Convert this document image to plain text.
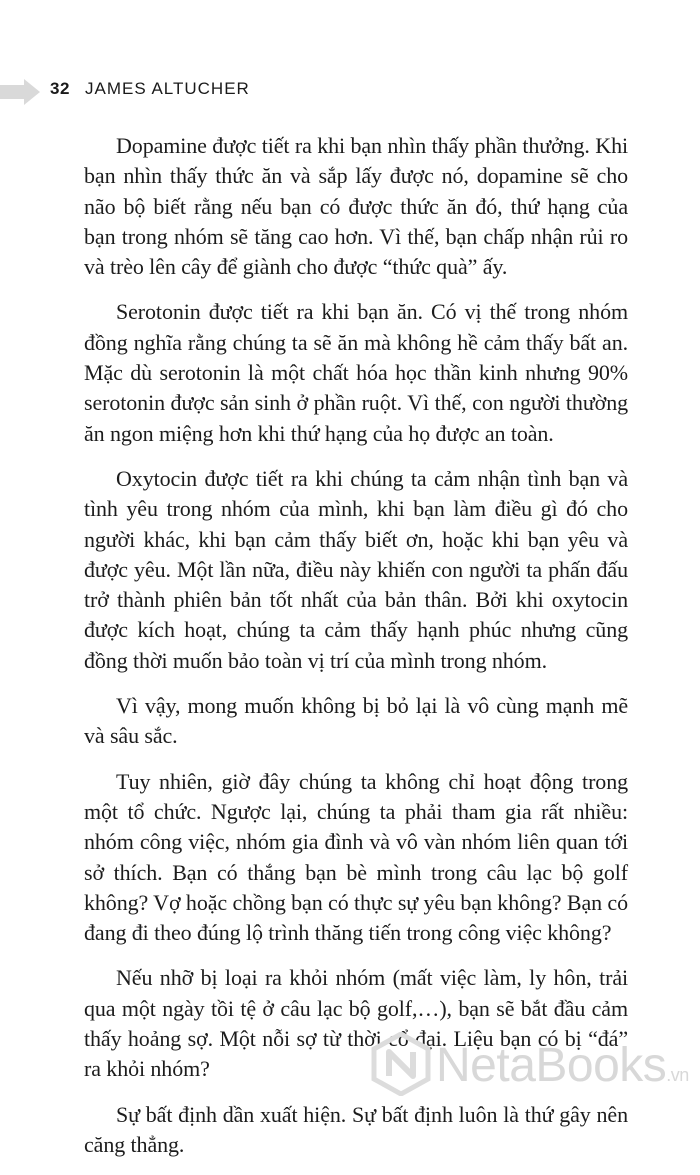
32 JAMES ALTUCHER

Dopamine được tiết ra khi bạn nhìn thấy phần thưởng. Khi bạn nhìn thấy thức ăn và sắp lấy được nó, dopamine sẽ cho não bộ biết rằng nếu bạn có được thức ăn đó, thứ hạng của bạn trong nhóm sẽ tăng cao hơn. Vì thế, bạn chấp nhận rủi ro và trèo lên cây để giành cho được “thức quà” ấy.

Serotonin được tiết ra khi bạn ăn. Có vị thế trong nhóm đồng nghĩa rằng chúng ta sẽ ăn mà không hề cảm thấy bất an. Mặc dù serotonin là một chất hóa học thần kinh nhưng 90% serotonin được sản sinh ở phần ruột. Vì thế, con người thường ăn ngon miệng hơn khi thứ hạng của họ được an toàn.

Oxytocin được tiết ra khi chúng ta cảm nhận tình bạn và tình yêu trong nhóm của mình, khi bạn làm điều gì đó cho người khác, khi bạn cảm thấy biết ơn, hoặc khi bạn yêu và được yêu. Một lần nữa, điều này khiến con người ta phấn đấu trở thành phiên bản tốt nhất của bản thân. Bởi khi oxytocin được kích hoạt, chúng ta cảm thấy hạnh phúc nhưng cũng đồng thời muốn bảo toàn vị trí của mình trong nhóm.

Vì vậy, mong muốn không bị bỏ lại là vô cùng mạnh mẽ và sâu sắc.

Tuy nhiên, giờ đây chúng ta không chỉ hoạt động trong một tổ chức. Ngược lại, chúng ta phải tham gia rất nhiều: nhóm công việc, nhóm gia đình và vô vàn nhóm liên quan tới sở thích. Bạn có thắng bạn bè mình trong câu lạc bộ golf không? Vợ hoặc chồng bạn có thực sự yêu bạn không? Bạn có đang đi theo đúng lộ trình thăng tiến trong công việc không?

Nếu nhỡ bị loại ra khỏi nhóm (mất việc làm, ly hôn, trải qua một ngày tồi tệ ở câu lạc bộ golf,…), bạn sẽ bắt đầu cảm thấy hoảng sợ. Một nỗi sợ từ thời cổ đại. Liệu bạn có bị “đá” ra khỏi nhóm?

Sự bất định dần xuất hiện. Sự bất định luôn là thứ gây nên căng thẳng.

NetaBooks.vn
